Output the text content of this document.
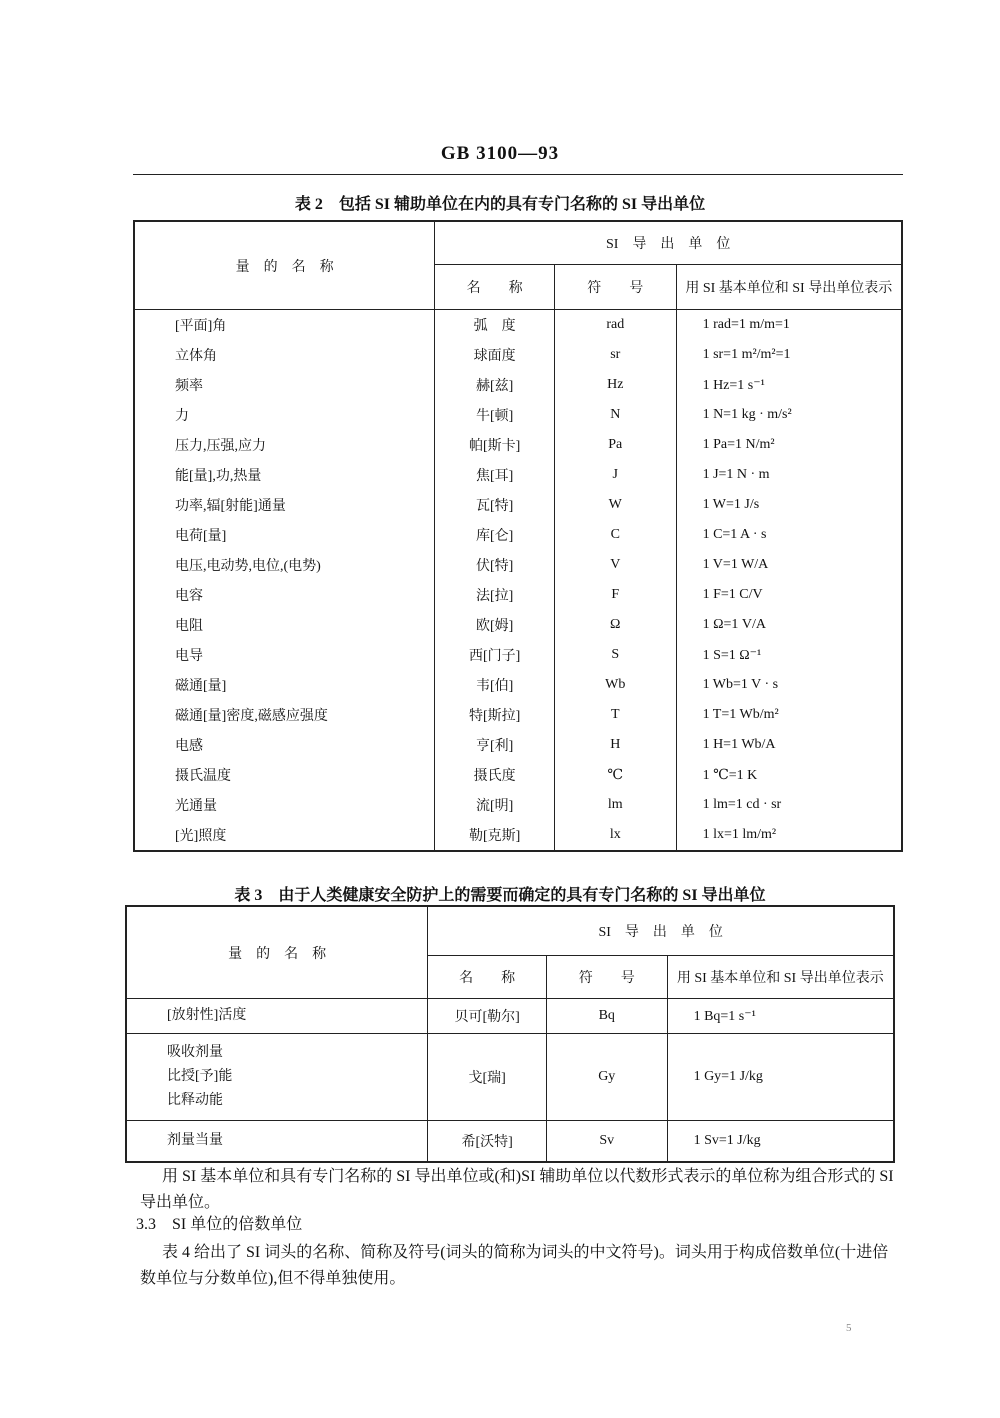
GB 3100—93
表 2　包括 SI 辅助单位在内的具有专门名称的 SI 导出单位
量　的　名　称	SI　导　出　单　位		
	名　　称	符　　号	用 SI 基本单位和 SI 导出单位表示
[平面]角	弧　度	rad	1 rad=1 m/m=1
立体角	球面度	sr	1 sr=1 m²/m²=1
频率	赫[兹]	Hz	1 Hz=1 s⁻¹
力	牛[顿]	N	1 N=1 kg · m/s²
压力,压强,应力	帕[斯卡]	Pa	1 Pa=1 N/m²
能[量],功,热量	焦[耳]	J	1 J=1 N · m
功率,辐[射能]通量	瓦[特]	W	1 W=1 J/s
电荷[量]	库[仑]	C	1 C=1 A · s
电压,电动势,电位,(电势)	伏[特]	V	1 V=1 W/A
电容	法[拉]	F	1 F=1 C/V
电阻	欧[姆]	Ω	1 Ω=1 V/A
电导	西[门子]	S	1 S=1 Ω⁻¹
磁通[量]	韦[伯]	Wb	1 Wb=1 V · s
磁通[量]密度,磁感应强度	特[斯拉]	T	1 T=1 Wb/m²
电感	亨[利]	H	1 H=1 Wb/A
摄氏温度	摄氏度	℃	1 ℃=1 K
光通量	流[明]	lm	1 lm=1 cd · sr
[光]照度	勒[克斯]	lx	1 lx=1 lm/m²
表 3　由于人类健康安全防护上的需要而确定的具有专门名称的 SI 导出单位
量　的　名　称	SI　导　出　单　位		
	名　　称	符　　号	用 SI 基本单位和 SI 导出单位表示

[放射性]活度	贝可[勒尔]	Bq	1 Bq=1 s⁻¹

吸收剂量
比授[予]能
比释动能	戈[瑞]	Gy	1 Gy=1 J/kg

剂量当量	希[沃特]	Sv	1 Sv=1 J/kg
用 SI 基本单位和具有专门名称的 SI 导出单位或(和)SI 辅助单位以代数形式表示的单位称为组合形式的 SI 导出单位。
3.3　SI 单位的倍数单位
表 4 给出了 SI 词头的名称、简称及符号(词头的简称为词头的中文符号)。词头用于构成倍数单位(十进倍数单位与分数单位),但不得单独使用。
5
